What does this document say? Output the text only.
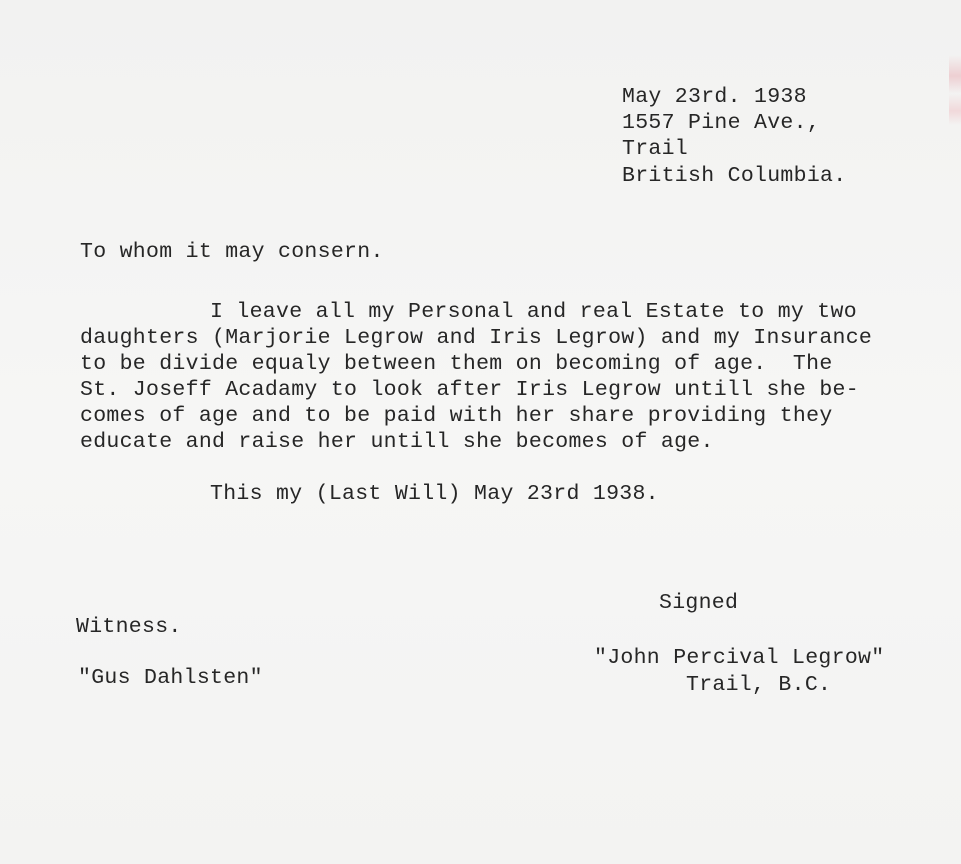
May 23rd. 1938
1557 Pine Ave.,
Trail
British Columbia.
To whom it may consern.
I leave all my Personal and real Estate to my two
daughters (Marjorie Legrow and Iris Legrow) and my Insurance
to be divide equaly between them on becoming of age.  The
St. Joseff Acadamy to look after Iris Legrow untill she be-
comes of age and to be paid with her share providing they
educate and raise her untill she becomes of age.
This my (Last Will) May 23rd 1938.
Signed
Witness.
"John Percival Legrow"
"Gus Dahlsten"	Trail, B.C.
